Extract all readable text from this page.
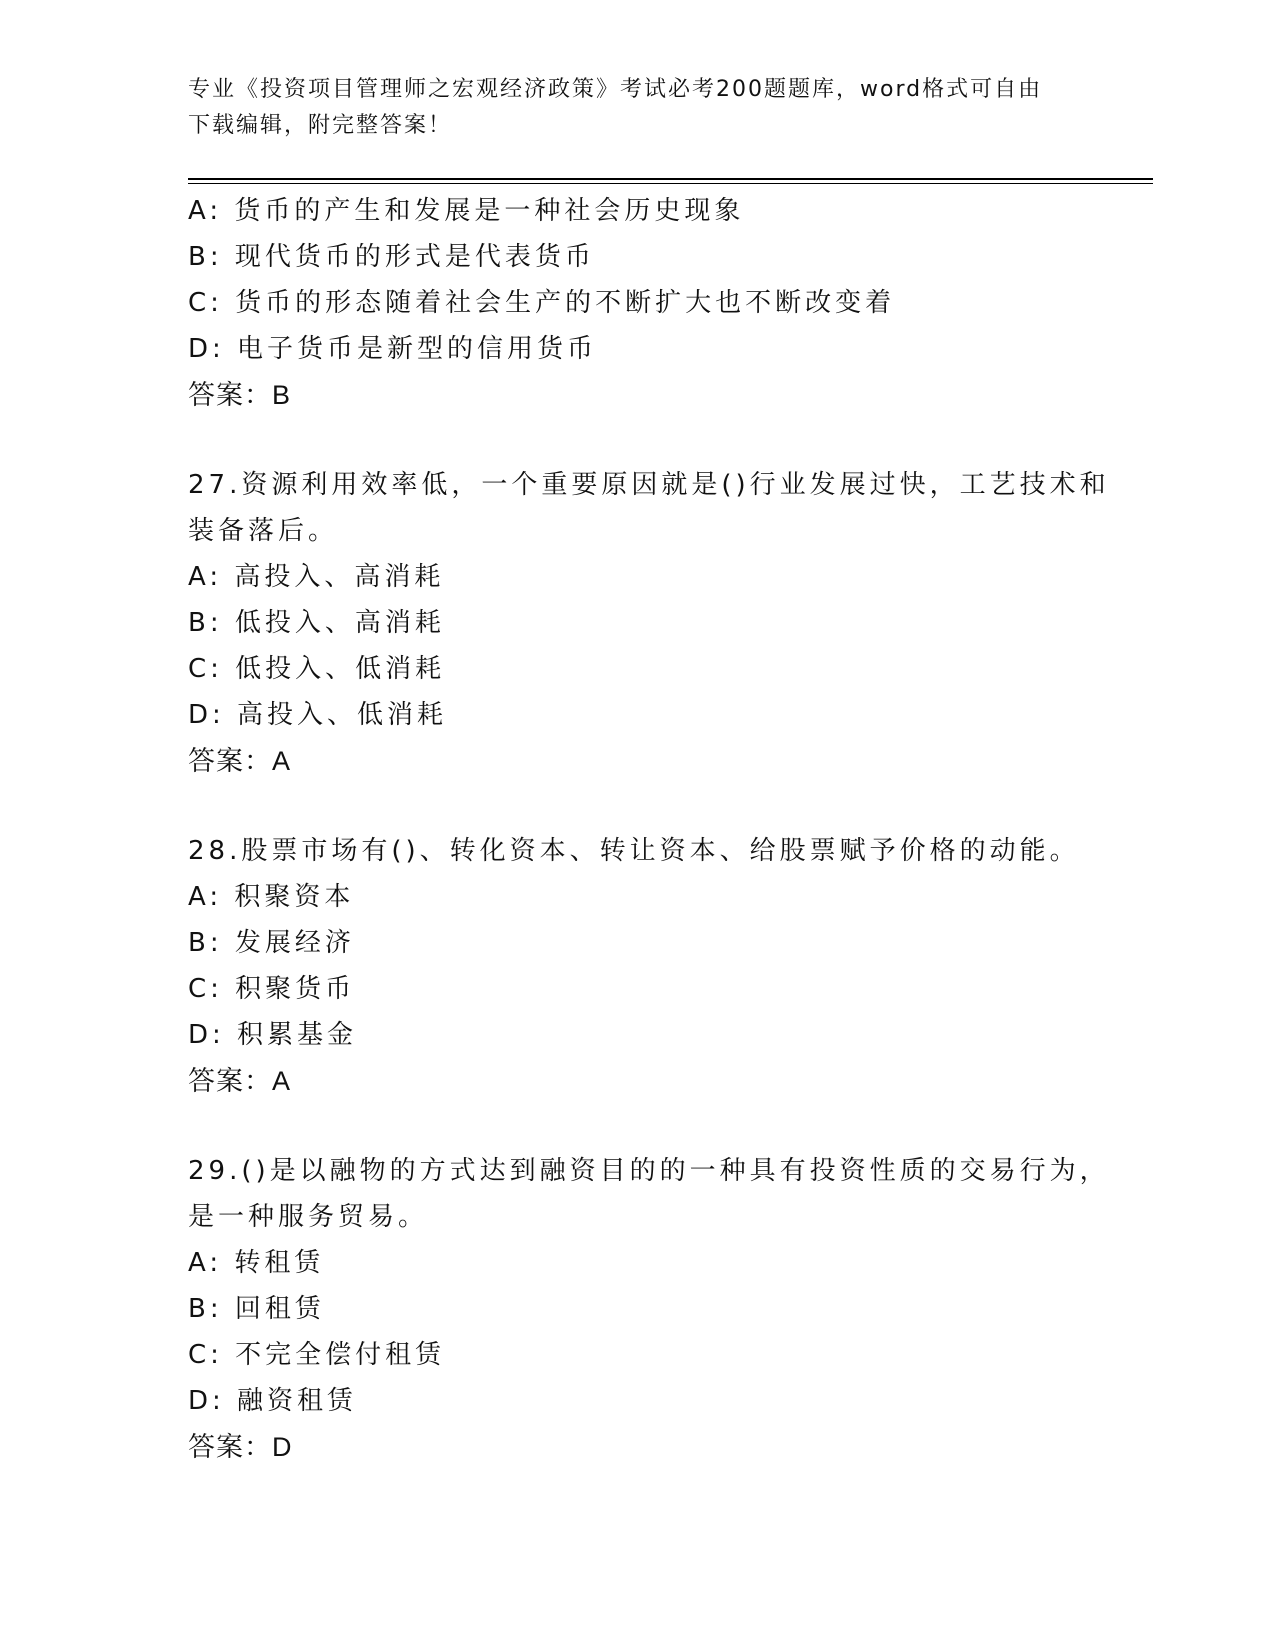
专业《投资项目管理师之宏观经济政策》考试必考200题题库，word格式可自由
下载编辑，附完整答案！
A: 货币的产生和发展是一种社会历史现象
B: 现代货币的形式是代表货币
C: 货币的形态随着社会生产的不断扩大也不断改变着
D: 电子货币是新型的信用货币
答案：B
27.资源利用效率低，一个重要原因就是()行业发展过快，工艺技术和
装备落后。
A: 高投入、高消耗
B: 低投入、高消耗
C: 低投入、低消耗
D: 高投入、低消耗
答案：A
28.股票市场有()、转化资本、转让资本、给股票赋予价格的动能。
A: 积聚资本
B: 发展经济
C: 积聚货币
D: 积累基金
答案：A
29.()是以融物的方式达到融资目的的一种具有投资性质的交易行为，
是一种服务贸易。
A: 转租赁
B: 回租赁
C: 不完全偿付租赁
D: 融资租赁
答案：D
